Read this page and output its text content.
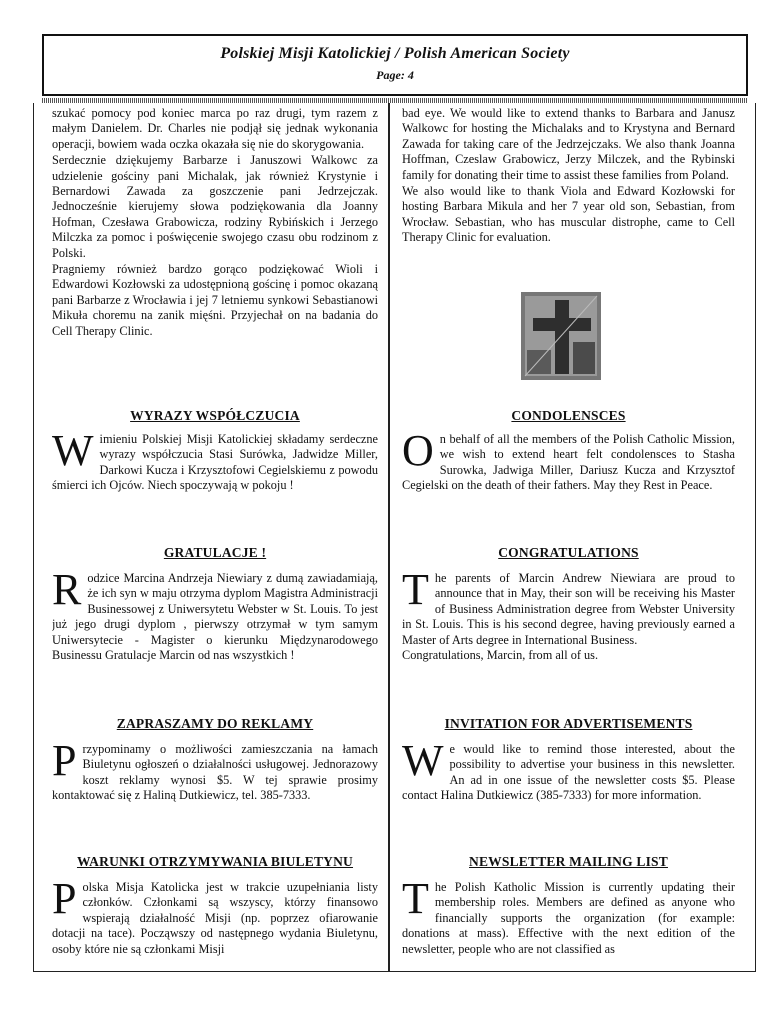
Polskiej Misji Katolickiej / Polish American Society
Page: 4

szukać pomocy pod koniec marca po raz drugi, tym razem z małym Danielem. Dr. Charles nie podjął się jednak wykonania operacji, bowiem wada oczka okazała się nie do skorygowania.

Serdecznie dziękujemy Barbarze i Januszowi Walkowc za udzielenie gościny pani Michalak, jak również Krystynie i Bernardowi Zawada za goszczenie pani Jedrzejczak. Jednocześnie kierujemy słowa podziękowania dla Joanny Hofman, Czesława Grabowicza, rodziny Rybińskich i Jerzego Milczka za pomoc i poświęcenie swojego czasu obu rodzinom z Polski.

Pragniemy również bardzo gorąco podziękować Wioli i Edwardowi Kozłowski za udostępnioną gościnę i pomoc okazaną pani Barbarze z Wrocławia i jej 7 letniemu synkowi Sebastianowi Mikuła choremu na zanik mięśni. Przyjechał on na badania do Cell Therapy Clinic.

WYRAZY WSPÓŁCZUCIA
W imieniu Polskiej Misji Katolickiej składamy serdeczne wyrazy współczucia Stasi Surówka, Jadwidze Miller, Darkowi Kucza i Krzysztofowi Cegielskiemu z powodu śmierci ich Ojców. Niech spoczywają w pokoju !
GRATULACJE !
R odzice Marcina Andrzeja Niewiary z dumą zawiadamiają, że ich syn w maju otrzyma dyplom Magistra Administracji Businessowej z Uniwersytetu Webster w St. Louis. To jest już jego drugi dyplom , pierwszy otrzymał w tym samym Uniwersytecie - Magister o kierunku Międzynarodowego Businessu Gratulacje Marcin od nas wszystkich !
ZAPRASZAMY DO REKLAMY
P rzypominamy o możliwości zamieszczania na łamach Biuletynu ogłoszeń o działalności usługowej. Jednorazowy koszt reklamy wynosi $5. W tej sprawie prosimy kontaktować się z Haliną Dutkiewicz, tel. 385-7333.
WARUNKI OTRZYMYWANIA BIULETYNU
P olska Misja Katolicka jest w trakcie uzupełniania listy członków. Członkami są wszyscy, którzy finansowo wspierają działalność Misji (np. poprzez ofiarowanie dotacji na tace). Począwszy od następnego wydania Biuletynu, osoby które nie są członkami Misji

bad eye. We would like to extend thanks to Barbara and Janusz Walkowc for hosting the Michalaks and to Krystyna and Bernard Zawada for taking care of the Jedrzejczaks. We also thank Joanna Hoffman, Czeslaw Grabowicz, Jerzy Milczek, and the Rybinski family for donating their time to assist these families from Poland.

We also would like to thank Viola and Edward Kozłowski for hosting Barbara Mikula and her 7 year old son, Sebastian, from Wrocław. Sebastian, who has muscular distrophe, came to Cell Therapy Clinic for evaluation.

CONDOLENSCES
O n behalf of all the members of the Polish Catholic Mission, we wish to extend heart felt condolensces to Stasha Surowka, Jadwiga Miller, Dariusz Kucza and Krzysztof Cegielski on the death of their fathers. May they Rest in Peace.
CONGRATULATIONS
T he parents of Marcin Andrew Niewiara are proud to announce that in May, their son will be receiving his Master of Business Administration degree from Webster University in St. Louis. This is his second degree, having previously earned a Master of Arts degree in International Business.

Congratulations, Marcin, from all of us.

INVITATION FOR ADVERTISEMENTS
W e would like to remind those interested, about the possibility to advertise your business in this newsletter. An ad in one issue of the newsletter costs $5. Please contact Halina Dutkiewicz (385-7333) for more information.
NEWSLETTER MAILING LIST
T he Polish Katholic Mission is currently updating their membership roles. Members are defined as anyone who financially supports the organization (for example: donations at mass). Effective with the next edition of the newsletter, people who are not classified as
